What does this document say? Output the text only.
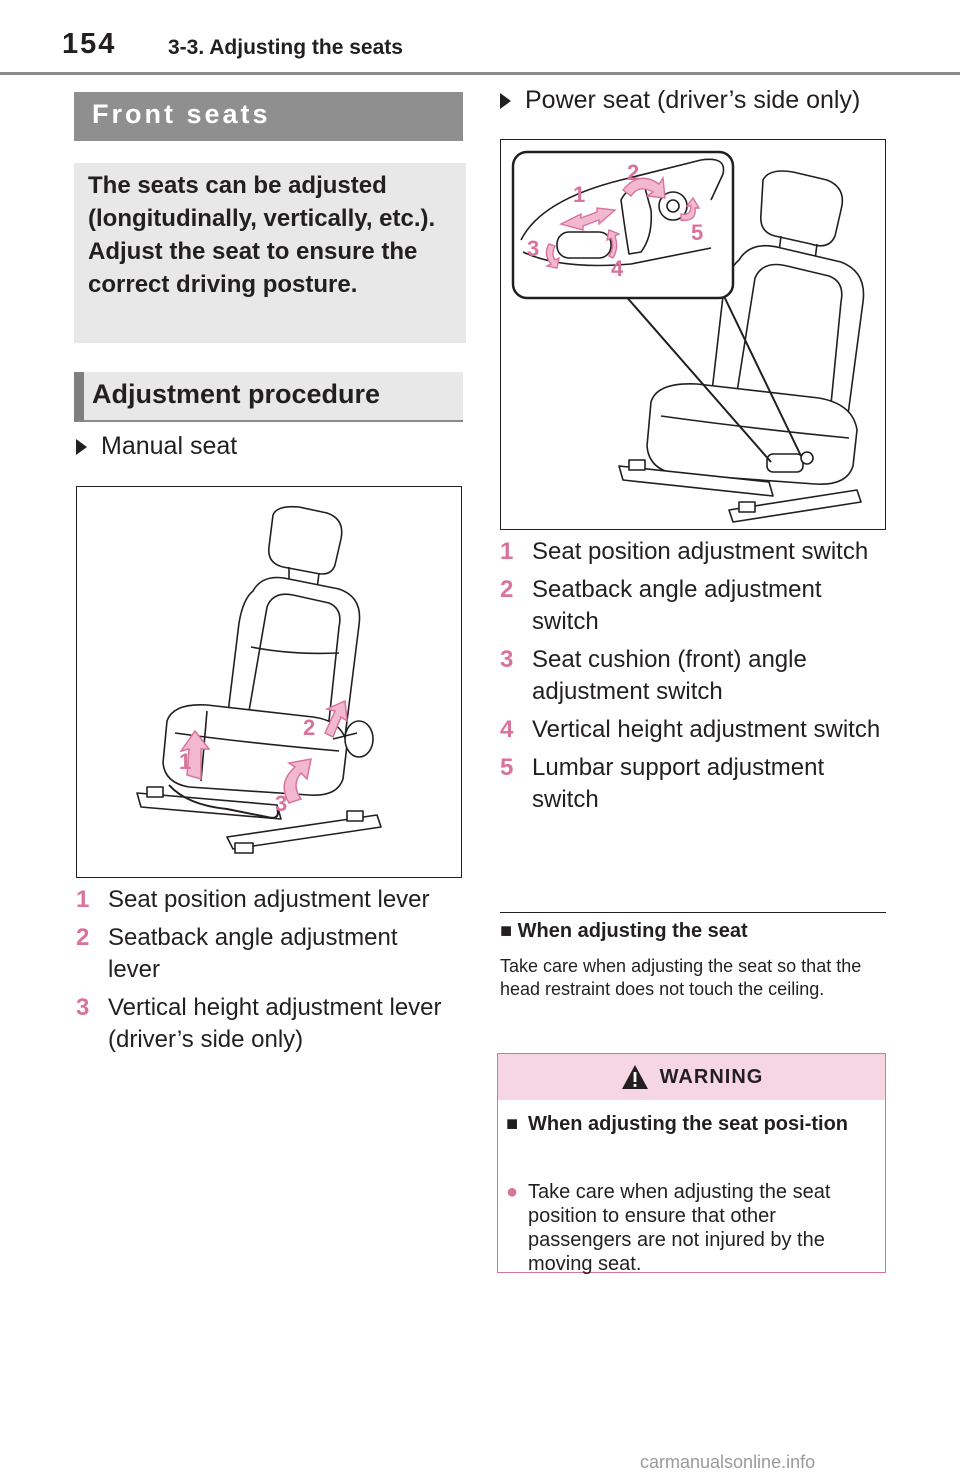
154 3-3. Adjusting the seats
Front seats

The seats can be adjusted (longitudinally, vertically, etc.). Adjust the seat to ensure the correct driving posture.

Adjustment procedure
Manual seat
1
2
3
1 Seat position adjustment lever
2 Seatback angle adjustment lever
3 Vertical height adjustment lever (driver’s side only)
Power seat (driver’s side only)
1
2
3
4
5
1 Seat position adjustment switch
2 Seatback angle adjustment switch
3 Seat cushion (front) angle adjustment switch
4 Vertical height adjustment switch
5 Lumbar support adjustment switch
■ When adjusting the seat
Take care when adjusting the seat so that the head restraint does not touch the ceiling.
WARNING
■ When adjusting the seat posi-tion
● Take care when adjusting the seat position to ensure that other passengers are not injured by the moving seat.
carmanualsonline.info
